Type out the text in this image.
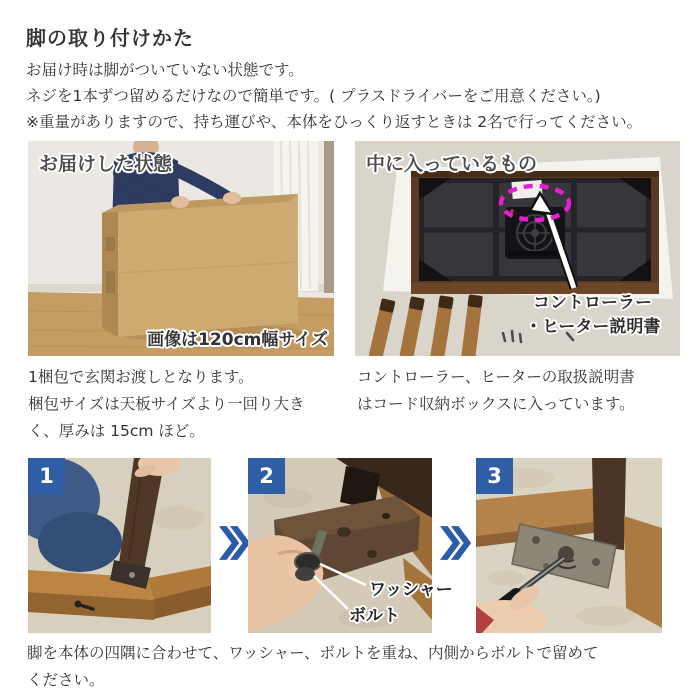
脚の取り付けかた
お届け時は脚がついていない状態です。
ネジを1本ずつ留めるだけなので簡単です。( プラスドライバーをご用意ください。)
※重量がありますので、持ち運びや、本体をひっくり返すときは 2名で行ってください。
お届けした状態
画像は120cm幅サイズ
中に入っているもの
コントローラー
・ヒーター説明書
1梱包で玄関お渡しとなります。
梱包サイズは天板サイズより一回り大き
く、厚みは 15cm ほど。
コントローラー、ヒーターの取扱説明書
はコード収納ボックスに入っています。
1	2
ワッシャー
ボルト
3
脚を本体の四隅に合わせて、ワッシャー、ボルトを重ね、内側からボルトで留めて
ください。
